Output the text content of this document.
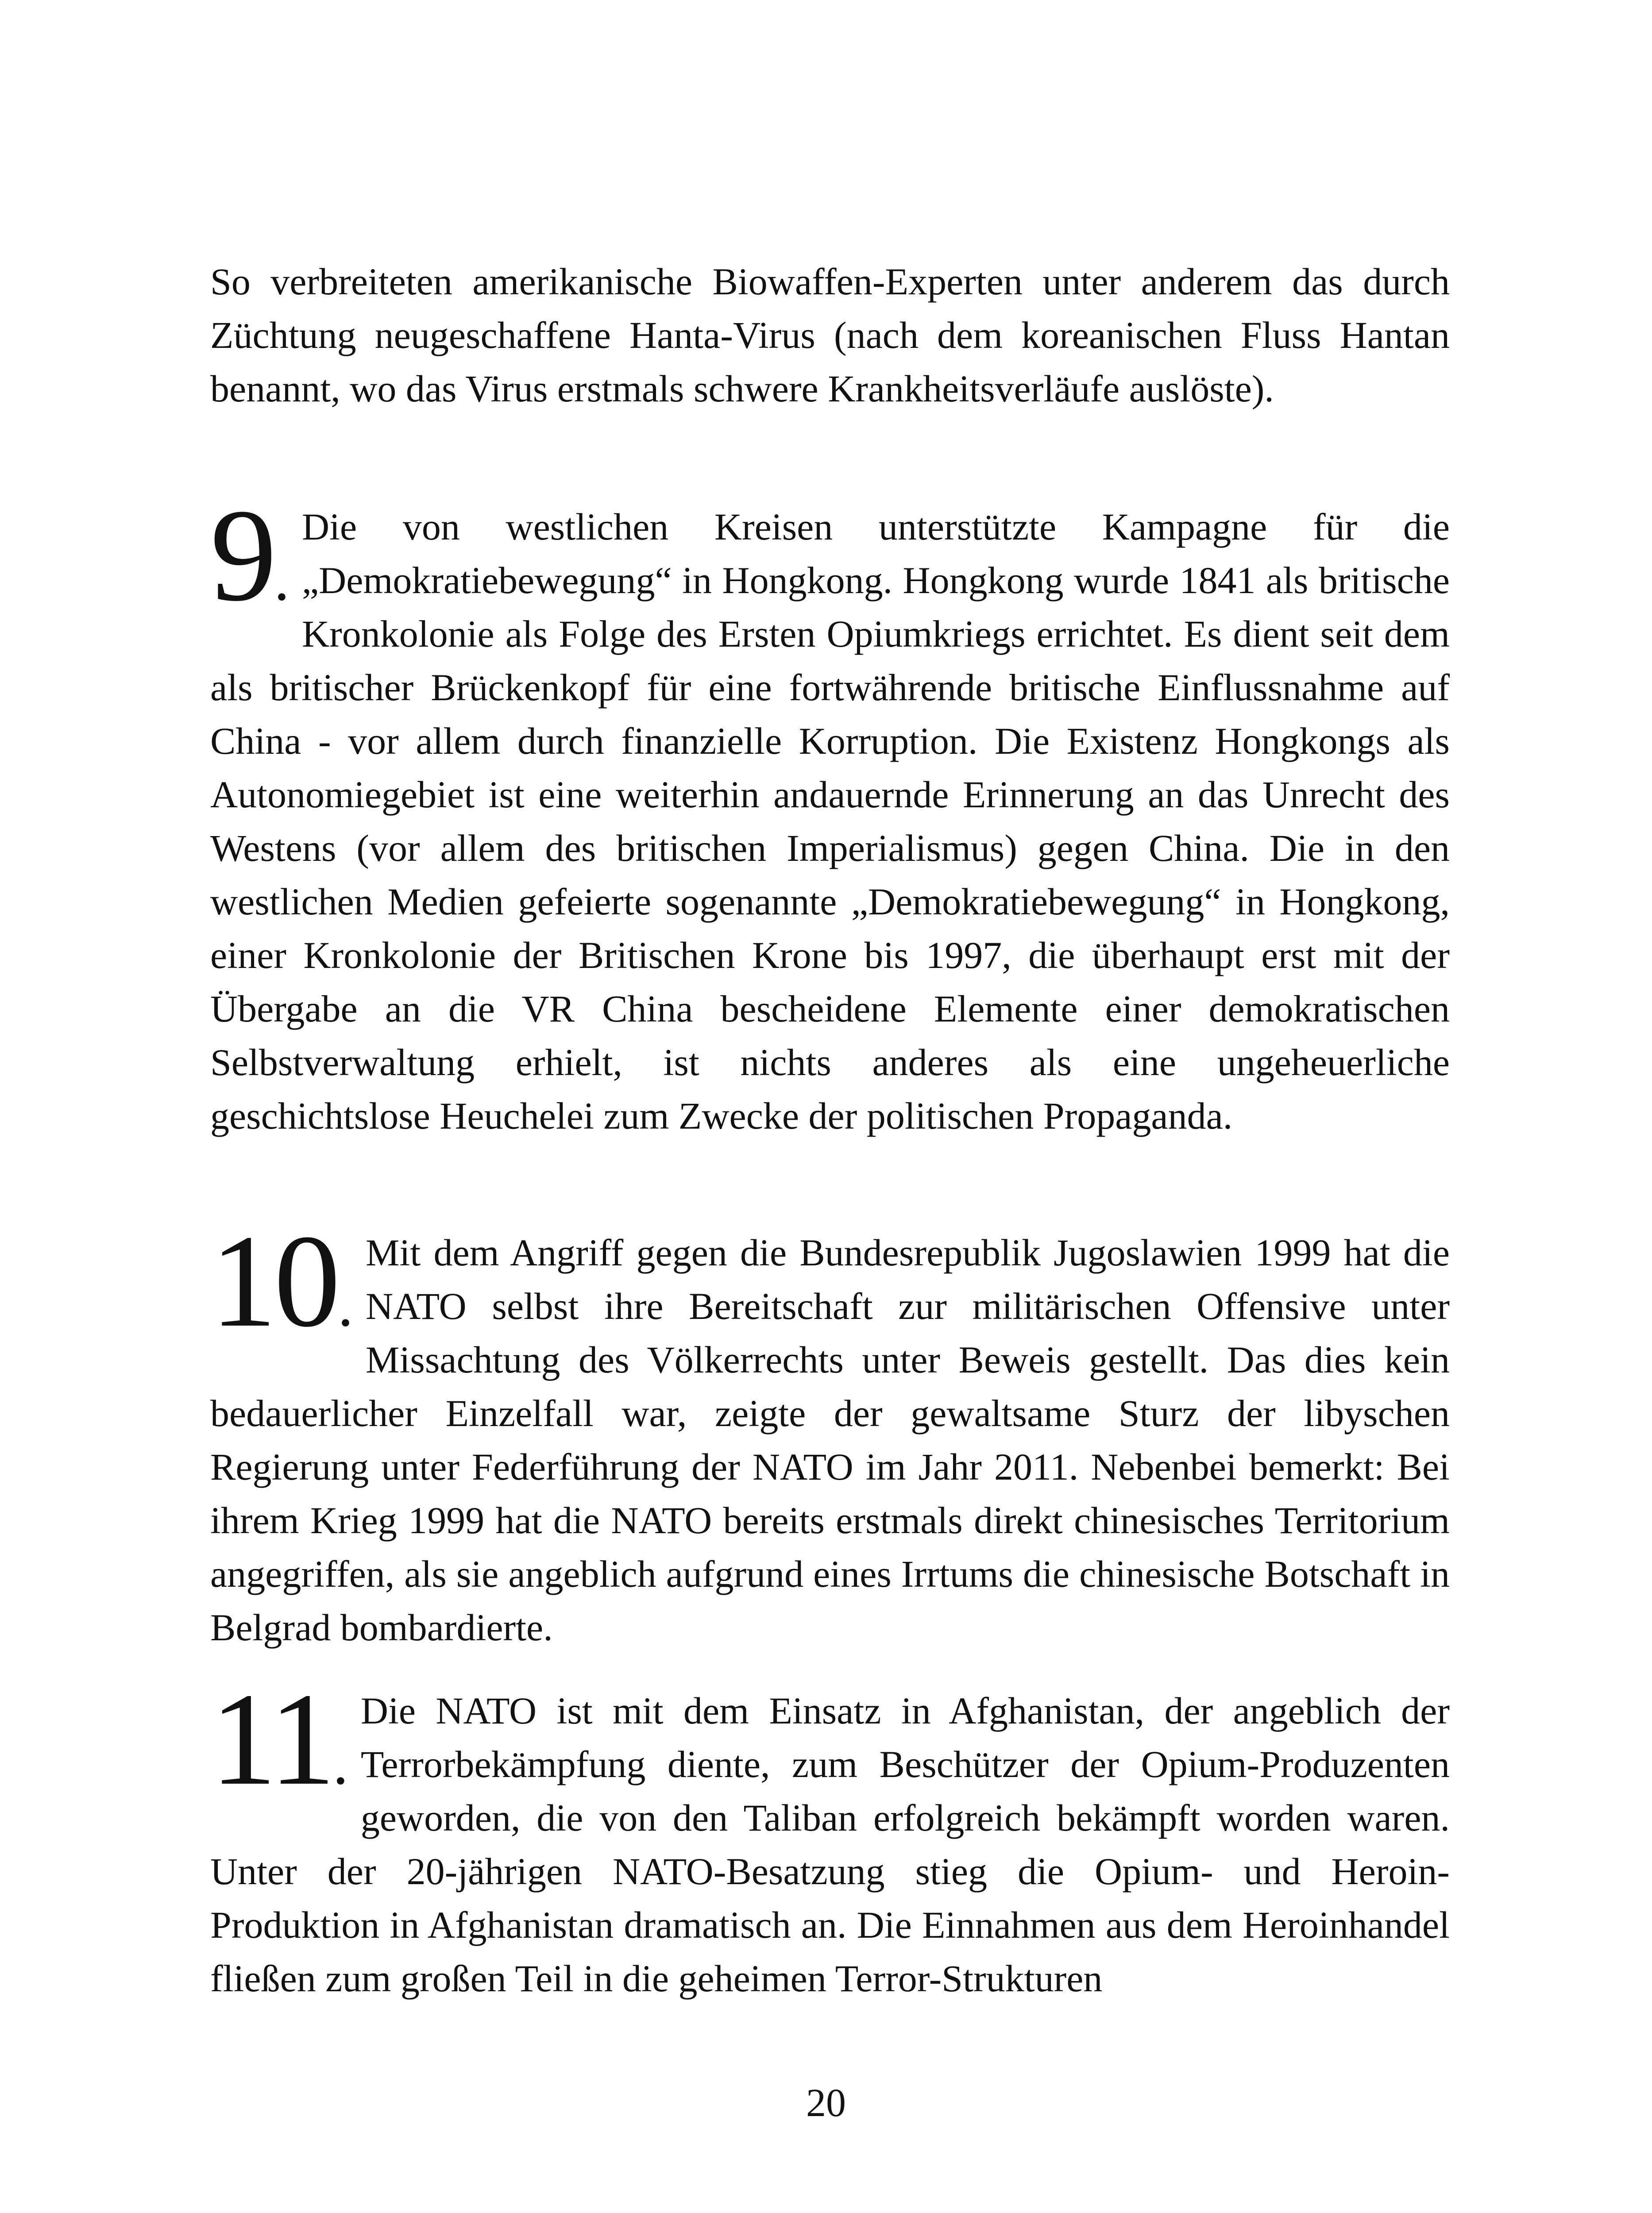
So verbreiteten amerikanische Biowaffen-Experten unter anderem das durch Züchtung neugeschaffene Hanta-Virus (nach dem koreanischen Fluss Hantan benannt, wo das Virus erstmals schwere Krankheitsverläufe auslöste).

9.
Die von westlichen Kreisen unterstützte Kampagne für die „Demokratiebewegung“ in Hongkong. Hongkong wurde 1841 als britische Kronkolonie als Folge des Ersten Opiumkriegs errichtet. Es dient seit dem als britischer Brückenkopf für eine fortwährende britische Einflussnahme auf China - vor allem durch finanzielle Korruption. Die Existenz Hongkongs als Autonomiegebiet ist eine weiterhin andauernde Erinnerung an das Unrecht des Westens (vor allem des britischen Imperialismus) gegen China. Die in den westlichen Medien gefeierte sogenannte „Demokratiebewegung“ in Hongkong, einer Kronkolonie der Britischen Krone bis 1997, die überhaupt erst mit der Übergabe an die VR China bescheidene Elemente einer demokratischen Selbstverwaltung erhielt, ist nichts anderes als eine ungeheuerliche geschichtslose Heuchelei zum Zwecke der politischen Propaganda.
10.
Mit dem Angriff gegen die Bundesrepublik Jugoslawien 1999 hat die NATO selbst ihre Bereitschaft zur militärischen Offensive unter Missachtung des Völkerrechts unter Beweis gestellt. Das dies kein bedauerlicher Einzelfall war, zeigte der gewaltsame Sturz der libyschen Regierung unter Federführung der NATO im Jahr 2011. Nebenbei bemerkt: Bei ihrem Krieg 1999 hat die NATO bereits erstmals direkt chinesisches Territorium angegriffen, als sie angeblich aufgrund eines Irrtums die chinesische Botschaft in Belgrad bombardierte.
11.
Die NATO ist mit dem Einsatz in Afghanistan, der angeblich der Terrorbekämpfung diente, zum Beschützer der Opium-Produzenten geworden, die von den Taliban erfolgreich bekämpft worden waren. Unter der 20-jährigen NATO-Besatzung stieg die Opium- und Heroin-Produktion in Afghanistan dramatisch an. Die Einnahmen aus dem Heroinhandel fließen zum großen Teil in die geheimen Terror-Strukturen
20
